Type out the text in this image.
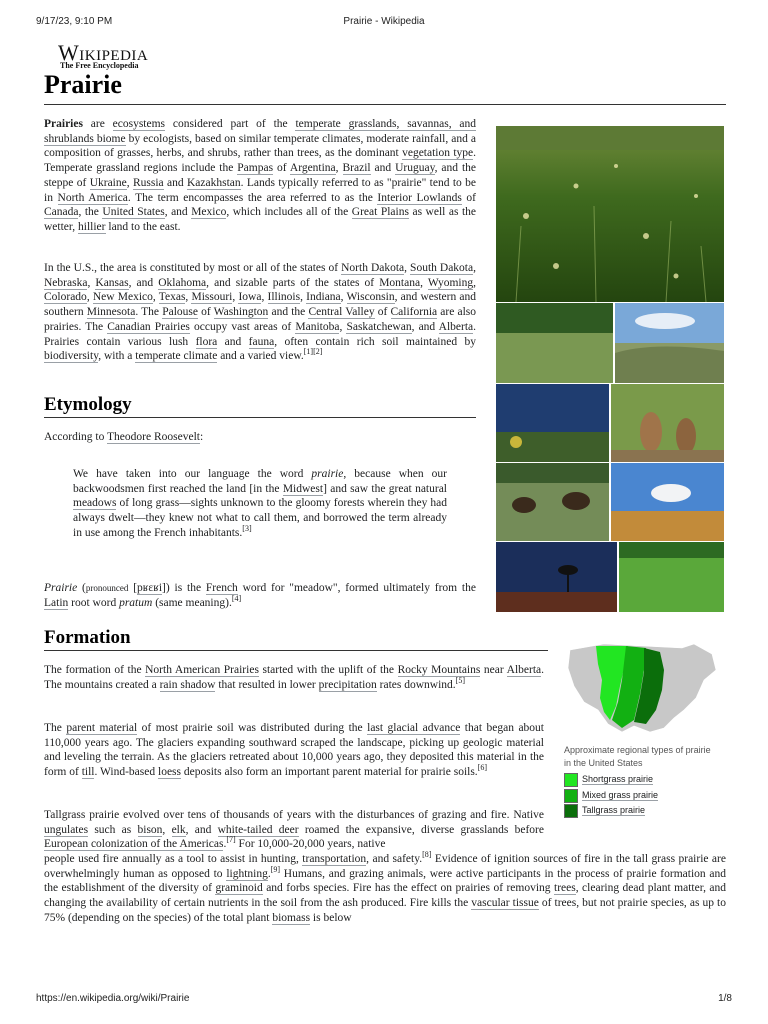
9/17/23, 9:10 PM	Prairie - Wikipedia
WIKIPEDIA
The Free Encyclopedia
Prairie

Prairies are ecosystems considered part of the temperate grasslands, savannas, and shrublands biome by ecologists, based on similar temperate climates, moderate rainfall, and a composition of grasses, herbs, and shrubs, rather than trees, as the dominant vegetation type. Temperate grassland regions include the Pampas of Argentina, Brazil and Uruguay, and the steppe of Ukraine, Russia and Kazakhstan. Lands typically referred to as "prairie" tend to be in North America. The term encompasses the area referred to as the Interior Lowlands of Canada, the United States, and Mexico, which includes all of the Great Plains as well as the wetter, hillier land to the east.

In the U.S., the area is constituted by most or all of the states of North Dakota, South Dakota, Nebraska, Kansas, and Oklahoma, and sizable parts of the states of Montana, Wyoming, Colorado, New Mexico, Texas, Missouri, Iowa, Illinois, Indiana, Wisconsin, and western and southern Minnesota. The Palouse of Washington and the Central Valley of California are also prairies. The Canadian Prairies occupy vast areas of Manitoba, Saskatchewan, and Alberta. Prairies contain various lush flora and fauna, often contain rich soil maintained by biodiversity, with a temperate climate and a varied view.[1][2]

Etymology

According to Theodore Roosevelt:

We have taken into our language the word prairie, because when our backwoodsmen first reached the land [in the Midwest] and saw the great natural meadows of long grass—sights unknown to the gloomy forests wherein they had always dwelt—they knew not what to call them, and borrowed the term already in use among the French inhabitants.[3]

Prairie (pronounced [pʁɛʁi]) is the French word for "meadow", formed ultimately from the Latin root word pratum (same meaning).[4]

Formation

The formation of the North American Prairies started with the uplift of the Rocky Mountains near Alberta. The mountains created a rain shadow that resulted in lower precipitation rates downwind.[5]

The parent material of most prairie soil was distributed during the last glacial advance that began about 110,000 years ago. The glaciers expanding southward scraped the landscape, picking up geologic material and leveling the terrain. As the glaciers retreated about 10,000 years ago, they deposited this material in the form of till. Wind-based loess deposits also form an important parent material for prairie soils.[6]

Tallgrass prairie evolved over tens of thousands of years with the disturbances of grazing and fire. Native ungulates such as bison, elk, and white-tailed deer roamed the expansive, diverse grasslands before European colonization of the Americas.[7] For 10,000-20,000 years, native

people used fire annually as a tool to assist in hunting, transportation, and safety.[8] Evidence of ignition sources of fire in the tall grass prairie are overwhelmingly human as opposed to lightning.[9] Humans, and grazing animals, were active participants in the process of prairie formation and the establishment of the diversity of graminoid and forbs species. Fire has the effect on prairies of removing trees, clearing dead plant matter, and changing the availability of certain nutrients in the soil from the ash produced. Fire kills the vascular tissue of trees, but not prairie species, as up to 75% (depending on the species) of the total plant biomass is below

Approximate regional types of prairie in the United States
Shortgrass prairie
Mixed grass prairie
Tallgrass prairie
https://en.wikipedia.org/wiki/Prairie	1/8
